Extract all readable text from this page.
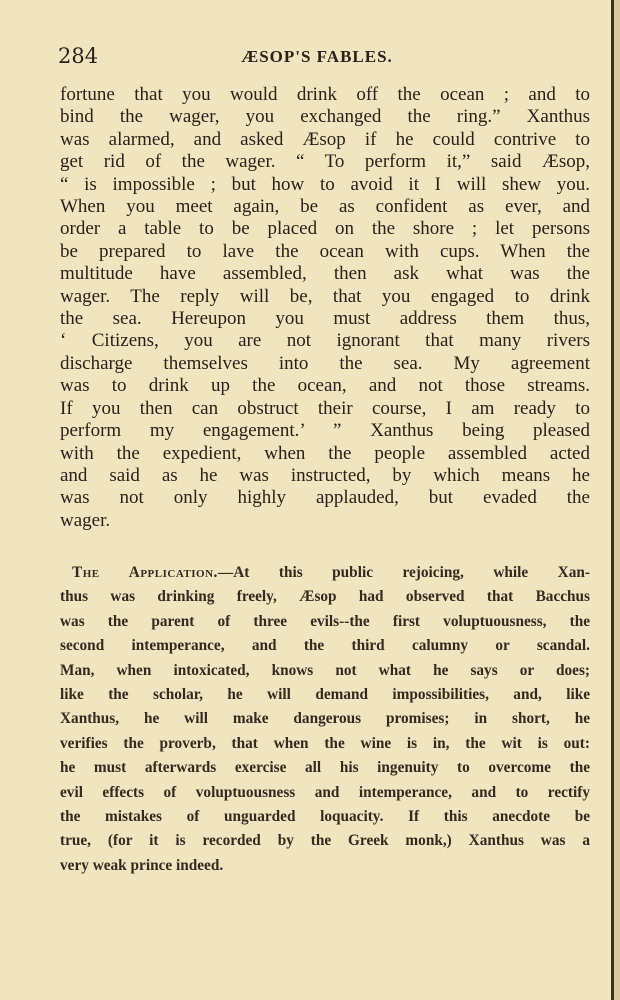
284	ÆSOP'S FABLES.
fortune that you would drink off the ocean ; and to
bind the wager, you exchanged the ring.” Xanthus
was alarmed, and asked Æsop if he could contrive to
get rid of the wager. “ To perform it,” said Æsop,
“ is impossible ; but how to avoid it I will shew you.
When you meet again, be as confident as ever, and
order a table to be placed on the shore ; let persons
be prepared to lave the ocean with cups. When the
multitude have assembled, then ask what was the
wager. The reply will be, that you engaged to drink
the sea. Hereupon you must address them thus,
‘ Citizens, you are not ignorant that many rivers
discharge themselves into the sea. My agreement
was to drink up the ocean, and not those streams.
If you then can obstruct their course, I am ready to
perform my engagement.’ ” Xanthus being pleased
with the expedient, when the people assembled acted
and said as he was instructed, by which means he
was not only highly applauded, but evaded the
wager.
The Application.—At this public rejoicing, while Xan-
thus was drinking freely, Æsop had observed that Bacchus
was the parent of three evils--the first voluptuousness, the
second intemperance, and the third calumny or scandal.
Man, when intoxicated, knows not what he says or does;
like the scholar, he will demand impossibilities, and, like
Xanthus, he will make dangerous promises; in short, he
verifies the proverb, that when the wine is in, the wit is out:
he must afterwards exercise all his ingenuity to overcome the
evil effects of voluptuousness and intemperance, and to rectify
the mistakes of unguarded loquacity. If this anecdote be
true, (for it is recorded by the Greek monk,) Xanthus was a
very weak prince indeed.
